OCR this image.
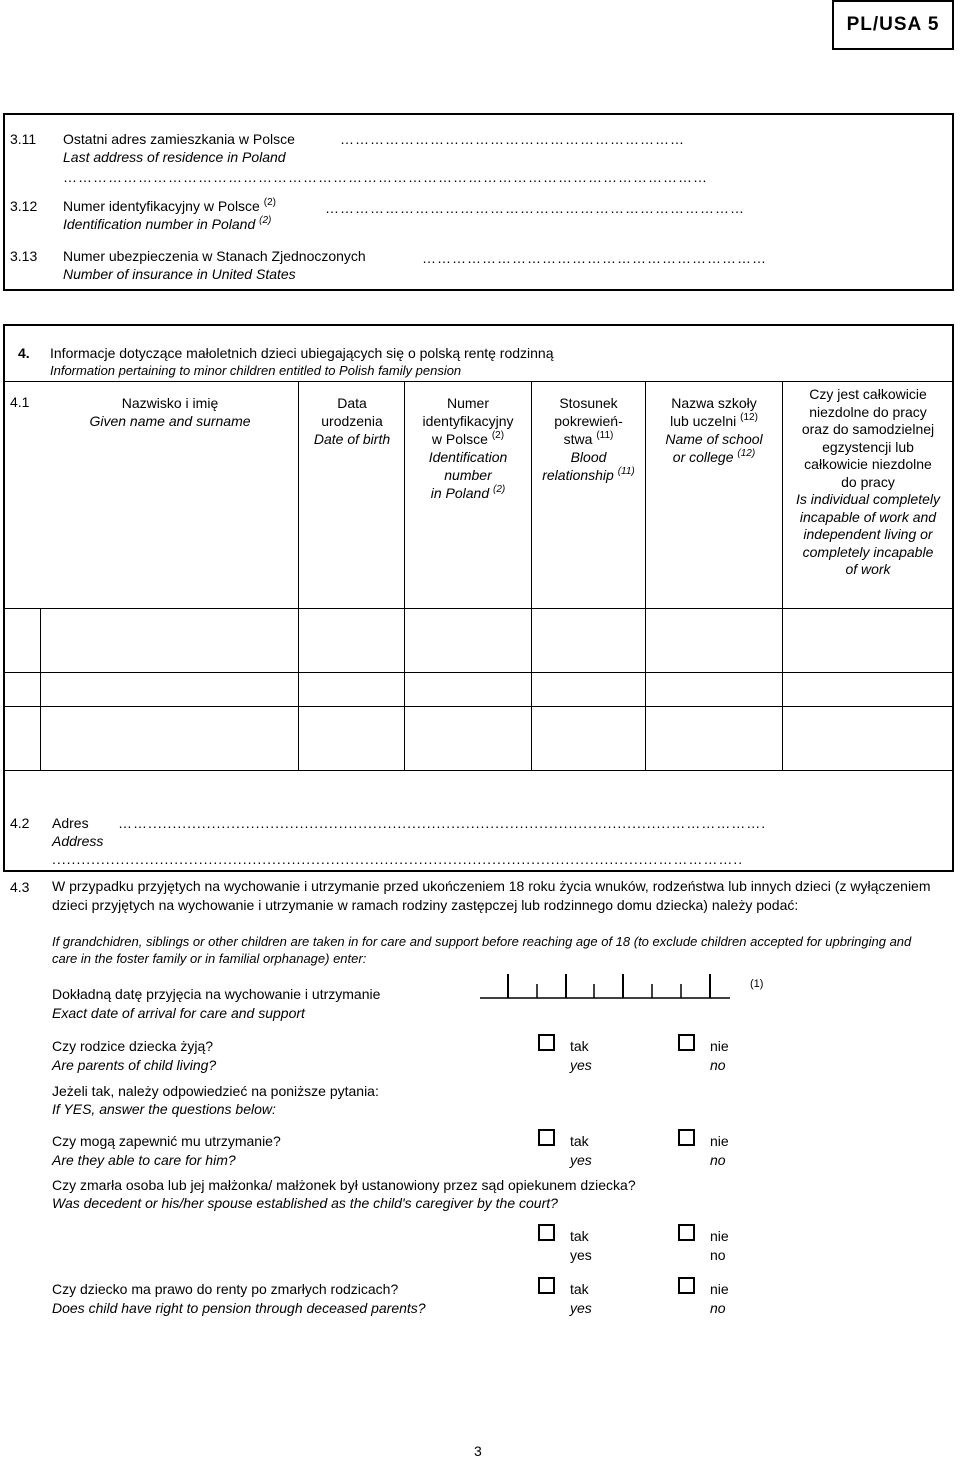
PL/USA 5
3.11 Ostatni adres zamieszkania w Polsce
Last address of residence in Poland
……………………………………………………………
…………………………………………………………………………………………………………………
3.12 Numer identyfikacyjny w Polsce $^{(2)}$
Identification number in Poland $^{(2)}$
…………………………………………………………………………
3.13 Numer ubezpieczenia w Stanach Zjednoczonych
Number of insurance in United States
……………………………………………………………
4. Informacje dotyczące małoletnich dzieci ubiegających się o polską rentę rodzinną
Information pertaining to minor children entitled to Polish family pension
4.1	Nazwisko i imię
Given name and surname
Data
urodzenia
Date of birth
Numer
identyfikacyjny
w Polsce $^{(2)}$
Identification
number
in Poland $^{(2)}$
Stosunek
pokrewień-
stwa $^{(11)}$
Blood
relationship $^{(11)}$
Nazwa szkoły
lub uczelni $^{(12)}$
Name of school
or college $^{(12)}$
Czy jest całkowicie
niezdolne do pracy
oraz do samodzielnej
egzystencji lub
całkowicie niezdolne
do pracy
Is individual completely
incapable of work and
independent living or
completely incapable
of work
4.2 Adres
Address
……...........................................................................................................……………….
............................................................................................................................……………..
4.3 W przypadku przyjętych na wychowanie i utrzymanie przed ukończeniem 18 roku życia wnuków, rodzeństwa lub innych dzieci (z wyłączeniem dzieci przyjętych na wychowanie i utrzymanie w ramach rodziny zastępczej lub rodzinnego domu dziecka) należy podać:
If grandchidren, siblings or other children are taken in for care and support before reaching age of 18 (to exclude children accepted for upbringing and care in the foster family or in familial orphanage) enter:
Dokładną datę przyjęcia na wychowanie i utrzymanie
Exact date of arrival for care and support
(1)
Czy rodzice dziecka żyją?
Are parents of child living?
tak
yes
nie
no
Jeżeli tak, należy odpowiedzieć na poniższe pytania:
If YES, answer the questions below:
Czy mogą zapewnić mu utrzymanie?
Are they able to care for him?
tak
yes
nie
no
Czy zmarła osoba lub jej małżonka/ małżonek był ustanowiony przez sąd opiekunem dziecka?
Was decedent or his/her spouse established as the child's caregiver by the court?
tak
yes
nie
no
Czy dziecko ma prawo do renty po zmarłych rodzicach?
Does child have right to pension through deceased parents?
tak
yes
nie
no
3
